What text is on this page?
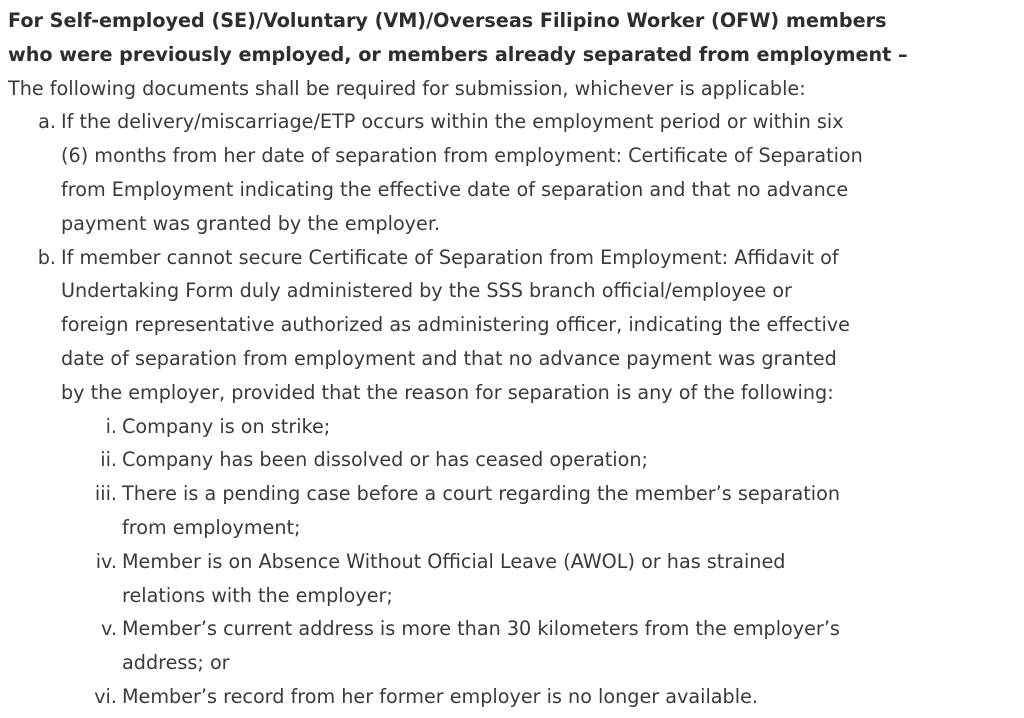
For Self-employed (SE)/Voluntary (VM)/Overseas Filipino Worker (OFW) members
who were previously employed, or members already separated from employment –
The following documents shall be required for submission, whichever is applicable:
a. If the delivery/miscarriage/ETP occurs within the employment period or within six
(6) months from her date of separation from employment: Certificate of Separation
from Employment indicating the effective date of separation and that no advance
payment was granted by the employer.
b. If member cannot secure Certificate of Separation from Employment: Affidavit of
Undertaking Form duly administered by the SSS branch official/employee or
foreign representative authorized as administering officer, indicating the effective
date of separation from employment and that no advance payment was granted
by the employer, provided that the reason for separation is any of the following:
i. Company is on strike;
ii. Company has been dissolved or has ceased operation;
iii. There is a pending case before a court regarding the member’s separation
from employment;
iv. Member is on Absence Without Official Leave (AWOL) or has strained
relations with the employer;
v. Member’s current address is more than 30 kilometers from the employer’s
address; or
vi. Member’s record from her former employer is no longer available.
